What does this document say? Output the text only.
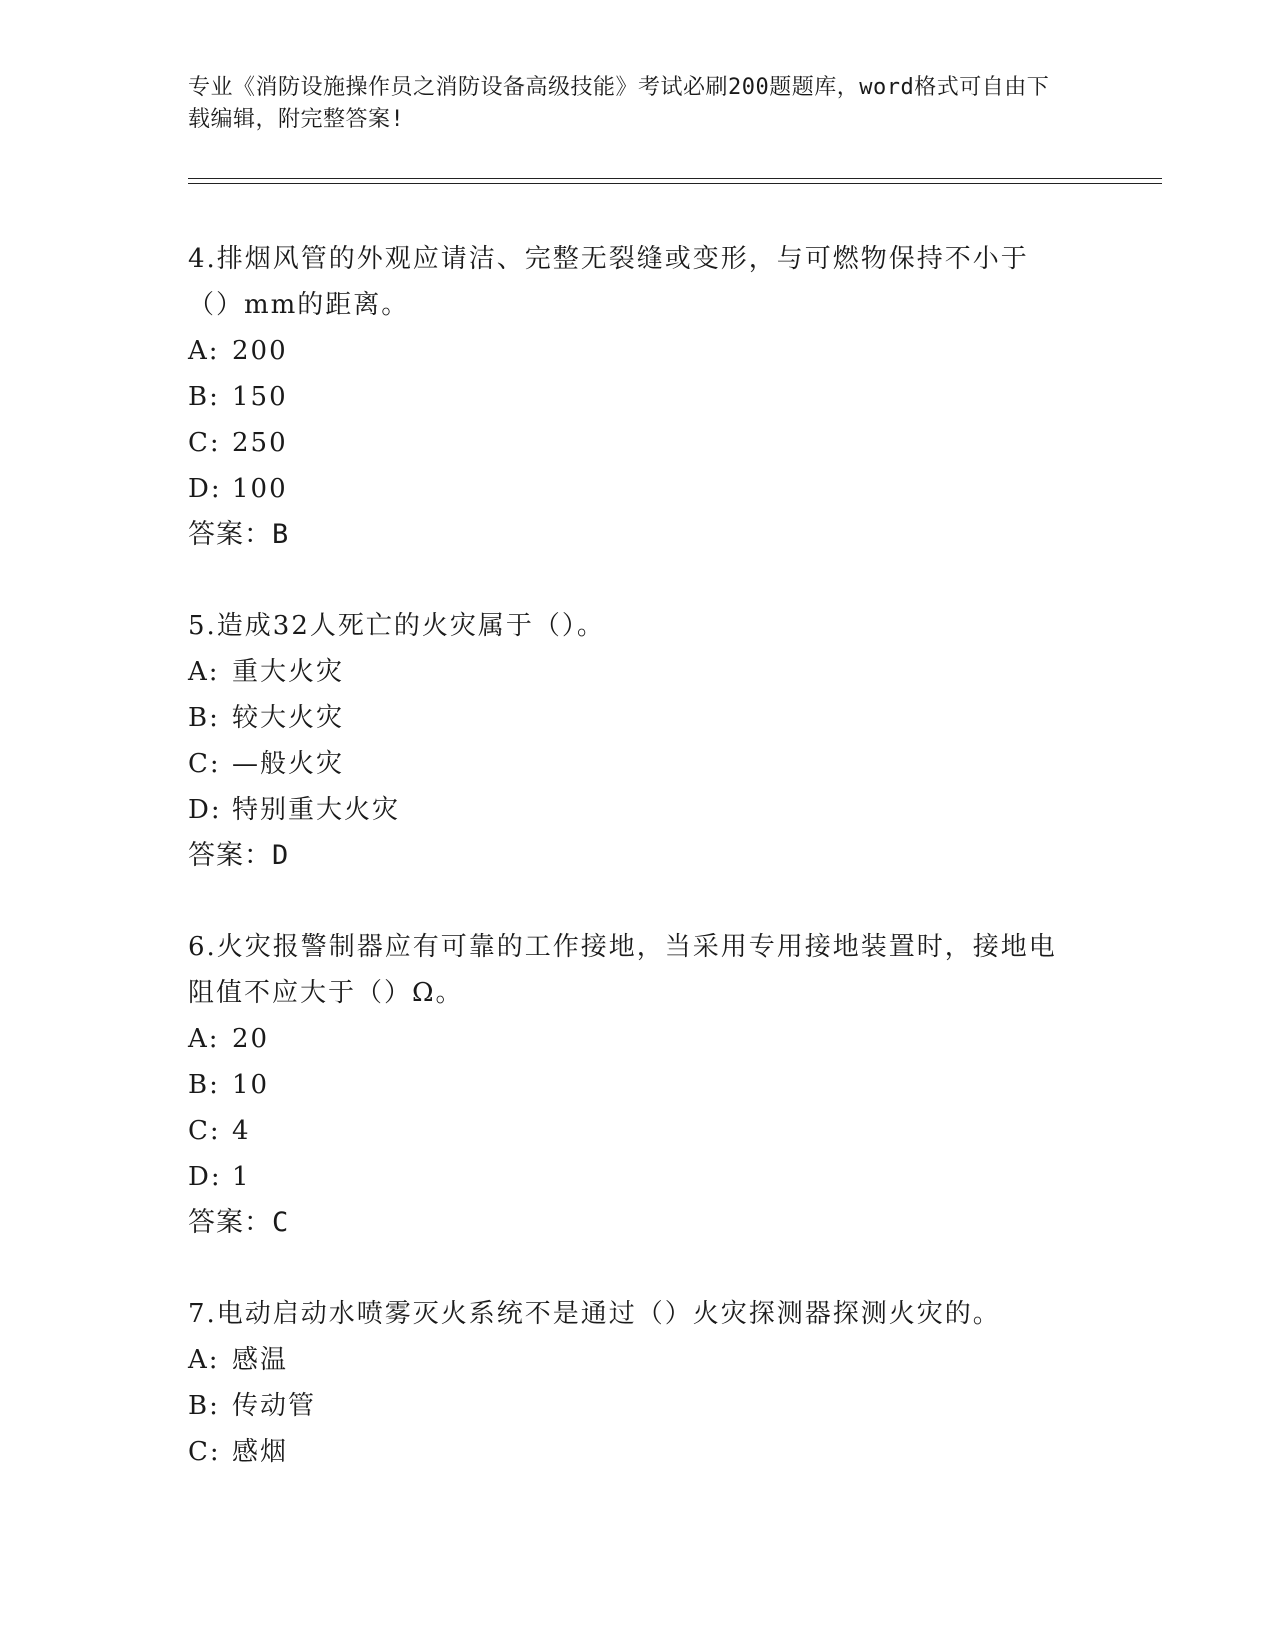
专业《消防设施操作员之消防设备高级技能》考试必刷200题题库，word格式可自由下载编辑，附完整答案!
4.排烟风管的外观应请洁、完整无裂缝或变形，与可燃物保持不小于（）mm的距离。
A: 200
B: 150
C: 250
D: 100
答案：B
5.造成32人死亡的火灾属于（）。
A: 重大火灾
B: 较大火灾
C: —般火灾
D: 特别重大火灾
答案：D
6.火灾报警制器应有可靠的工作接地，当采用专用接地装置时，接地电阻值不应大于（）Ω。
A: 20
B: 10
C: 4
D: 1
答案：C
7.电动启动水喷雾灭火系统不是通过（）火灾探测器探测火灾的。
A: 感温
B: 传动管
C: 感烟
